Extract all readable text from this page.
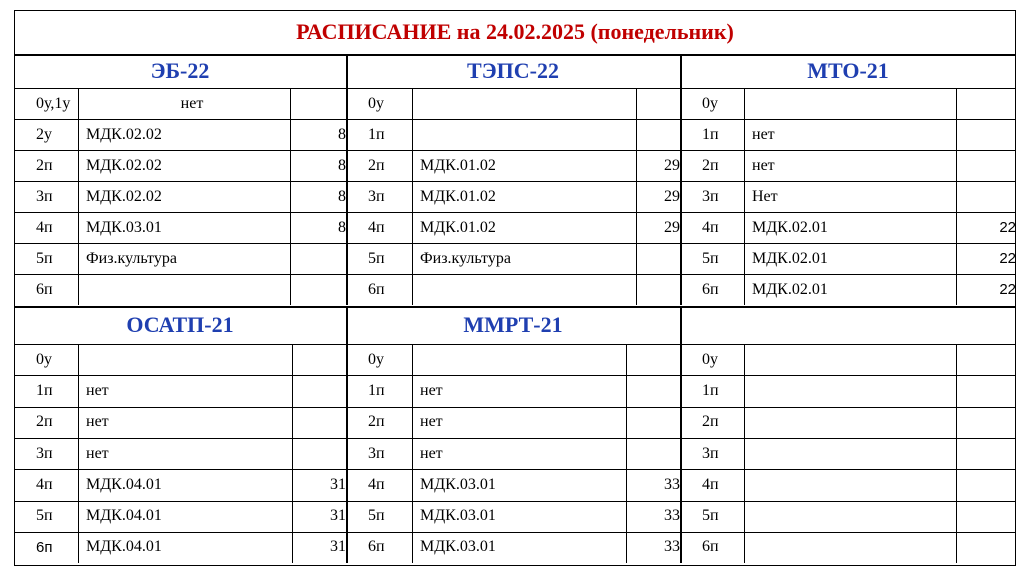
РАСПИСАНИЕ на 24.02.2025 (понедельник)
ЭБ-22
0у,1у	нет
2у	МДК.02.02	8
2п	МДК.02.02	8
3п	МДК.02.02	8
4п	МДК.03.01	8
5п	Физ.культура
6п
ТЭПС-22
0у
1п
2п	МДК.01.02	29
3п	МДК.01.02	29
4п	МДК.01.02	29
5п	Физ.культура
6п
МТО-21
0у
1п	нет
2п	нет
3п	Нет
4п	МДК.02.01	22
5п	МДК.02.01	22
6п	МДК.02.01	22
ОСАТП-21
0у
1п	нет
2п	нет
3п	нет
4п	МДК.04.01	31
5п	МДК.04.01	31
6п	МДК.04.01	31
ММРТ-21
0у
1п	нет
2п	нет
3п	нет
4п	МДК.03.01	33
5п	МДК.03.01	33
6п	МДК.03.01	33
0у
1п
2п
3п
4п
5п
6п
